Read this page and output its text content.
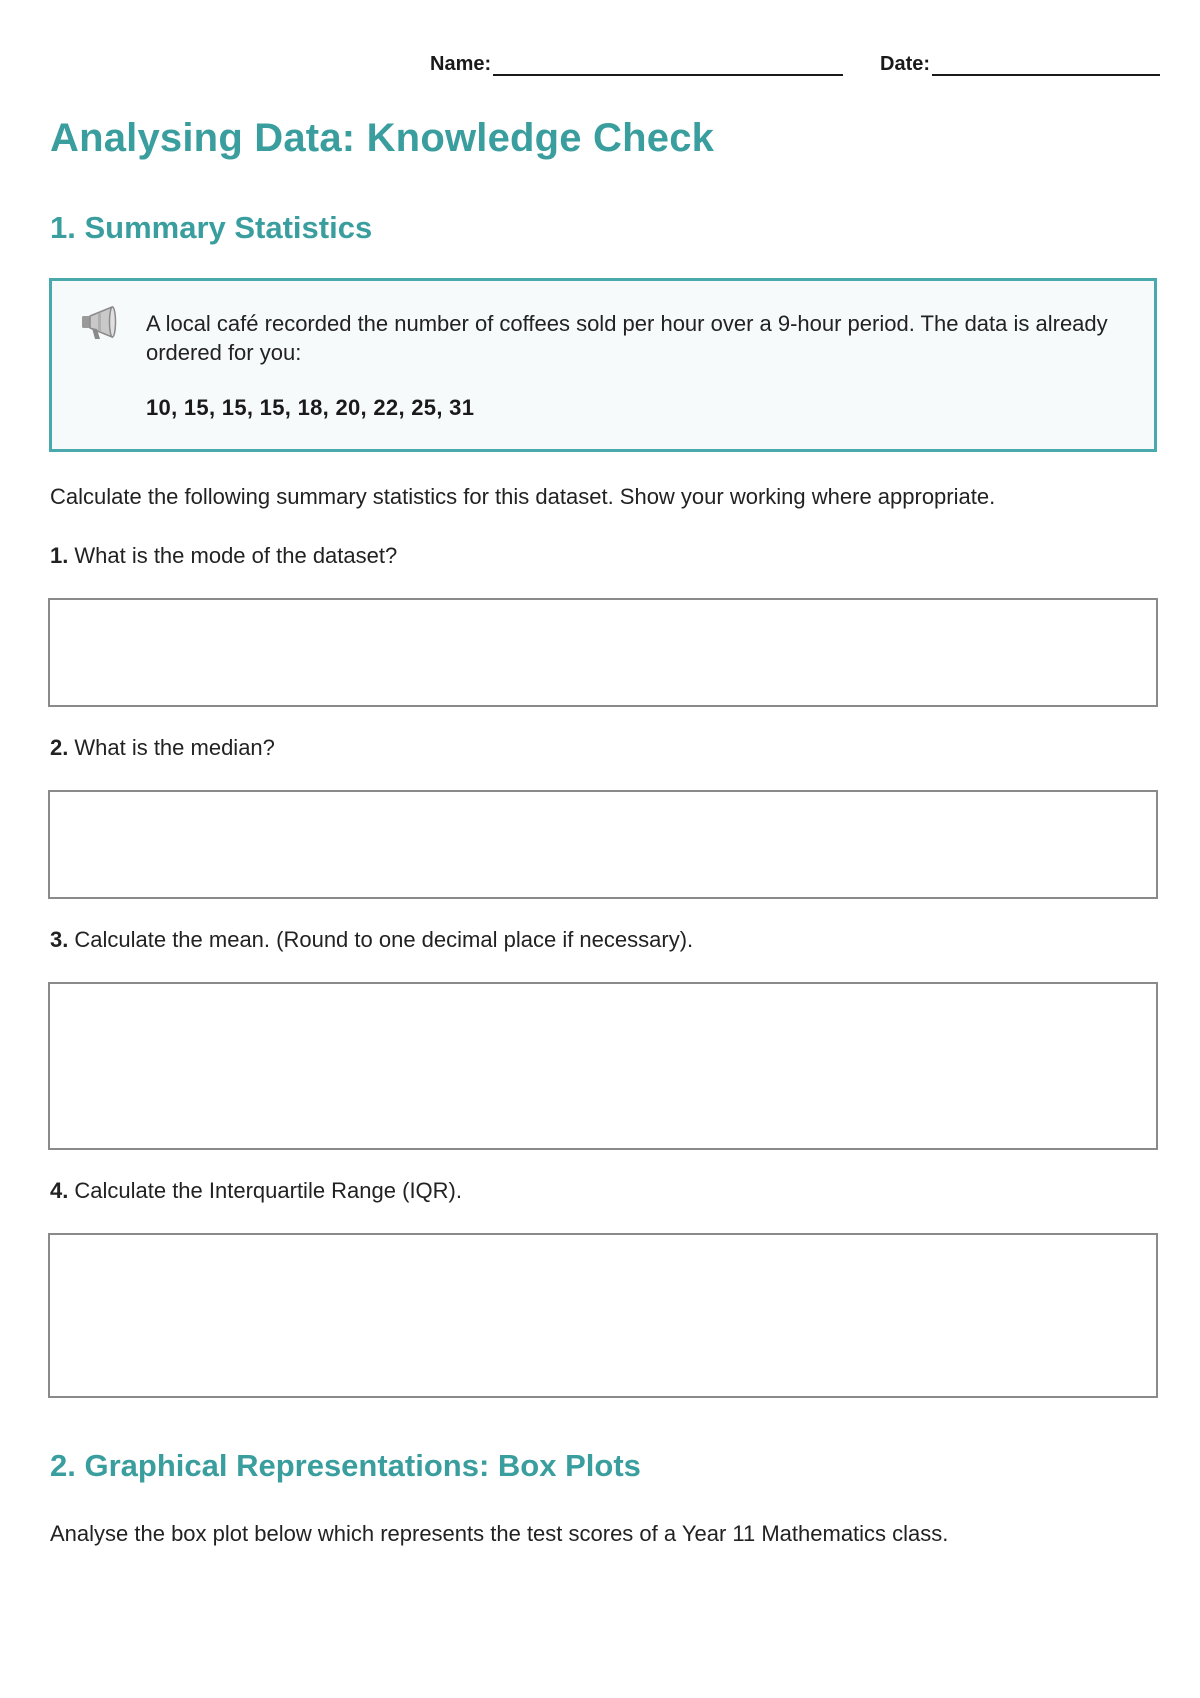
Name:	Date:
Analysing Data: Knowledge Check
1. Summary Statistics
A local café recorded the number of coffees sold per hour over a 9-hour period. The data is already ordered for you:
10, 15, 15, 15, 18, 20, 22, 25, 31
Calculate the following summary statistics for this dataset. Show your working where appropriate.
1. What is the mode of the dataset?
2. What is the median?
3. Calculate the mean. (Round to one decimal place if necessary).
4. Calculate the Interquartile Range (IQR).
2. Graphical Representations: Box Plots
Analyse the box plot below which represents the test scores of a Year 11 Mathematics class.
